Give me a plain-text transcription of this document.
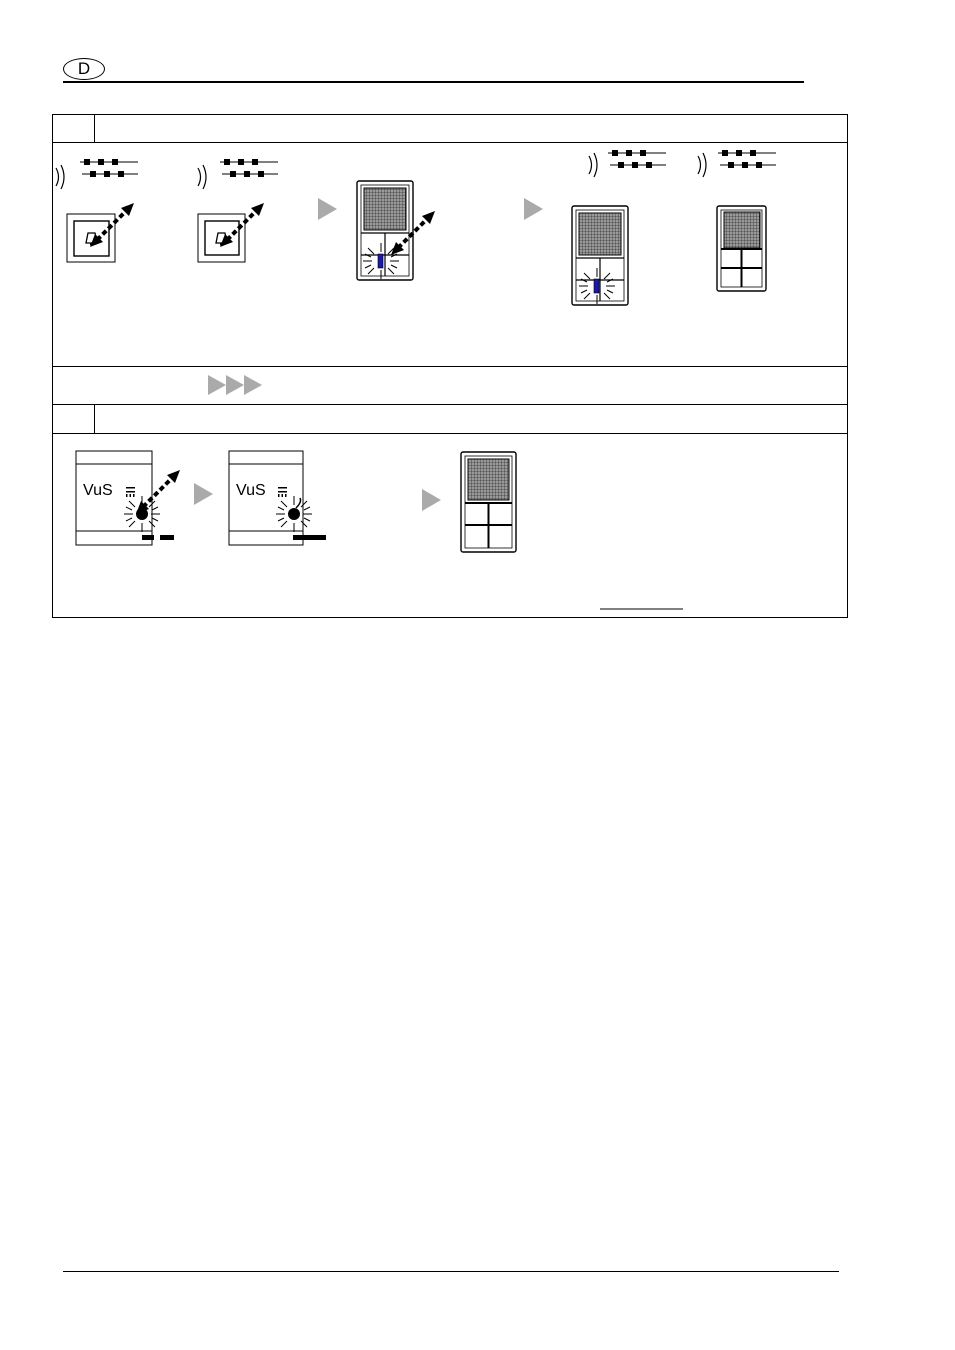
D
VuS	VuS
